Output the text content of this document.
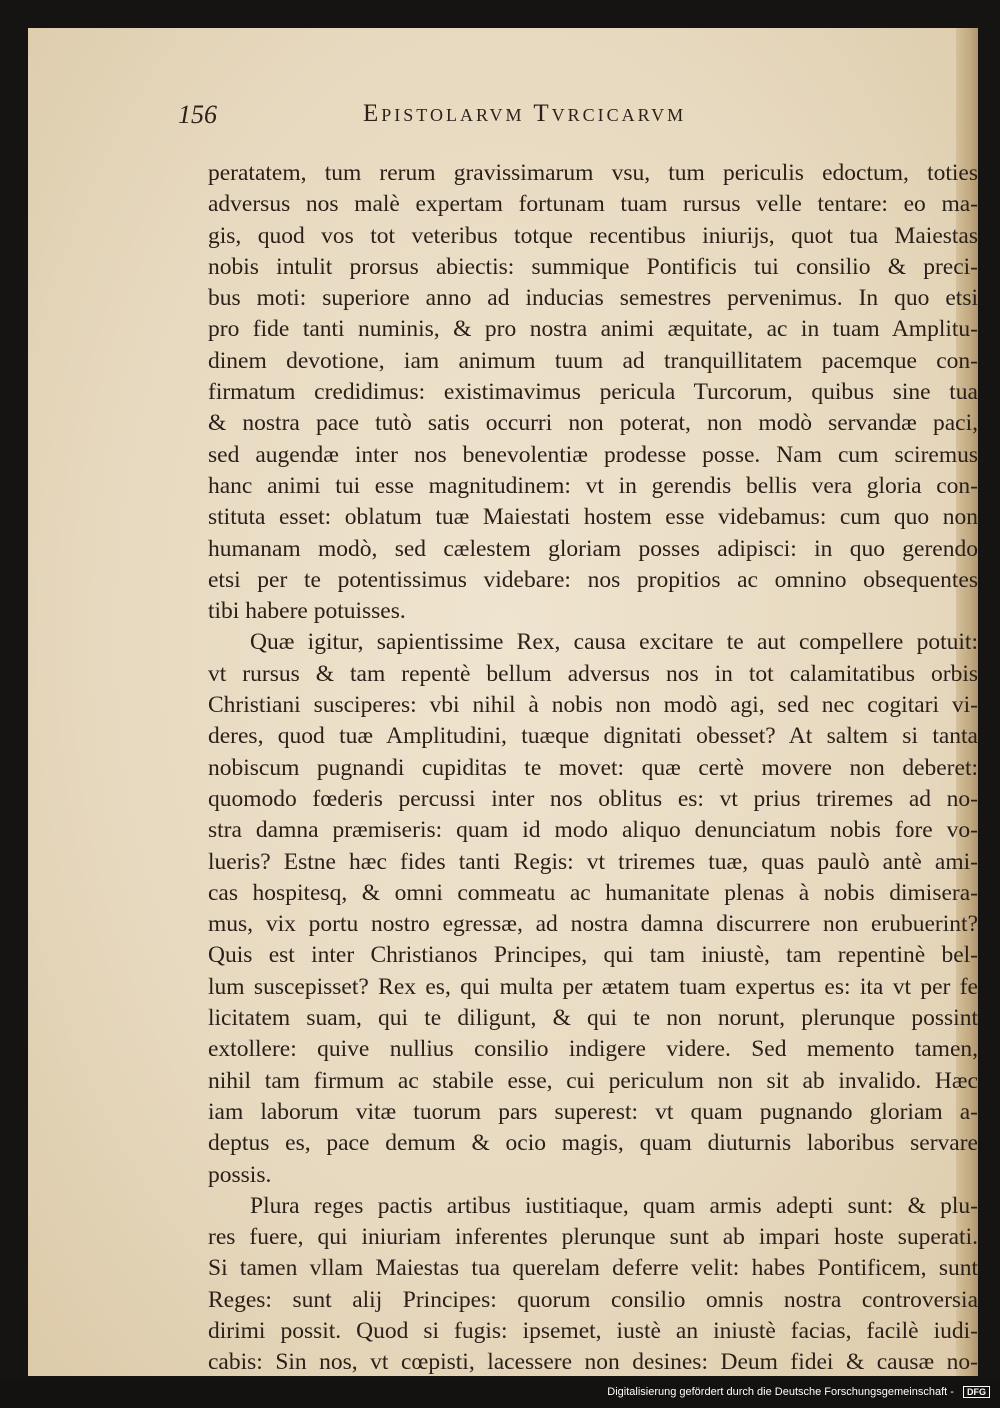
156	Epistolarvm Tvrcicarvm
peratatem, tum rerum gravissimarum vsu, tum periculis edoctum, toties
adversus nos malè expertam fortunam tuam rursus velle tentare: eo ma-
gis, quod vos tot veteribus totque recentibus iniurijs, quot tua Maiestas
nobis intulit prorsus abiectis: summique Pontificis tui consilio & preci-
bus moti: superiore anno ad inducias semestres pervenimus. In quo etsi
pro fide tanti numinis, & pro nostra animi æquitate, ac in tuam Amplitu-
dinem devotione, iam animum tuum ad tranquillitatem pacemque con-
firmatum credidimus: existimavimus pericula Turcorum, quibus sine tua
& nostra pace tutò satis occurri non poterat, non modò servandæ paci,
sed augendæ inter nos benevolentiæ prodesse posse. Nam cum sciremus
hanc animi tui esse magnitudinem: vt in gerendis bellis vera gloria con-
stituta esset: oblatum tuæ Maiestati hostem esse videbamus: cum quo non
humanam modò, sed cælestem gloriam posses adipisci: in quo gerendo
etsi per te potentissimus videbare: nos propitios ac omnino obsequentes
tibi habere potuisses.
Quæ igitur, sapientissime Rex, causa excitare te aut compellere potuit:
vt rursus & tam repentè bellum adversus nos in tot calamitatibus orbis
Christiani susciperes: vbi nihil à nobis non modò agi, sed nec cogitari vi-
deres, quod tuæ Amplitudini, tuæque dignitati obesset? At saltem si tanta
nobiscum pugnandi cupiditas te movet: quæ certè movere non deberet:
quomodo fœderis percussi inter nos oblitus es: vt prius triremes ad no-
stra damna præmiseris: quam id modo aliquo denunciatum nobis fore vo-
lueris? Estne hæc fides tanti Regis: vt triremes tuæ, quas paulò antè ami-
cas hospitesq, & omni commeatu ac humanitate plenas à nobis dimisera-
mus, vix portu nostro egressæ, ad nostra damna discurrere non erubuerint?
Quis est inter Christianos Principes, qui tam iniustè, tam repentinè bel-
lum suscepisset? Rex es, qui multa per ætatem tuam expertus es: ita vt per fe
licitatem suam, qui te diligunt, & qui te non norunt, plerunque possint
extollere: quive nullius consilio indigere videre. Sed memento tamen,
nihil tam firmum ac stabile esse, cui periculum non sit ab invalido. Hæc
iam laborum vitæ tuorum pars superest: vt quam pugnando gloriam a-
deptus es, pace demum & ocio magis, quam diuturnis laboribus servare
possis.
Plura reges pactis artibus iustitiaque, quam armis adepti sunt: & plu-
res fuere, qui iniuriam inferentes plerunque sunt ab impari hoste superati.
Si tamen vllam Maiestas tua querelam deferre velit: habes Pontificem, sunt
Reges: sunt alij Principes: quorum consilio omnis nostra controversia
dirimi possit. Quod si fugis: ipsemet, iustè an iniustè facias, facilè iudi-
cabis: Sin nos, vt cœpisti, lacessere non desines: Deum fidei & causæ no-
Digitalisierung gefördert durch die Deutsche Forschungsgemeinschaft - DFG
